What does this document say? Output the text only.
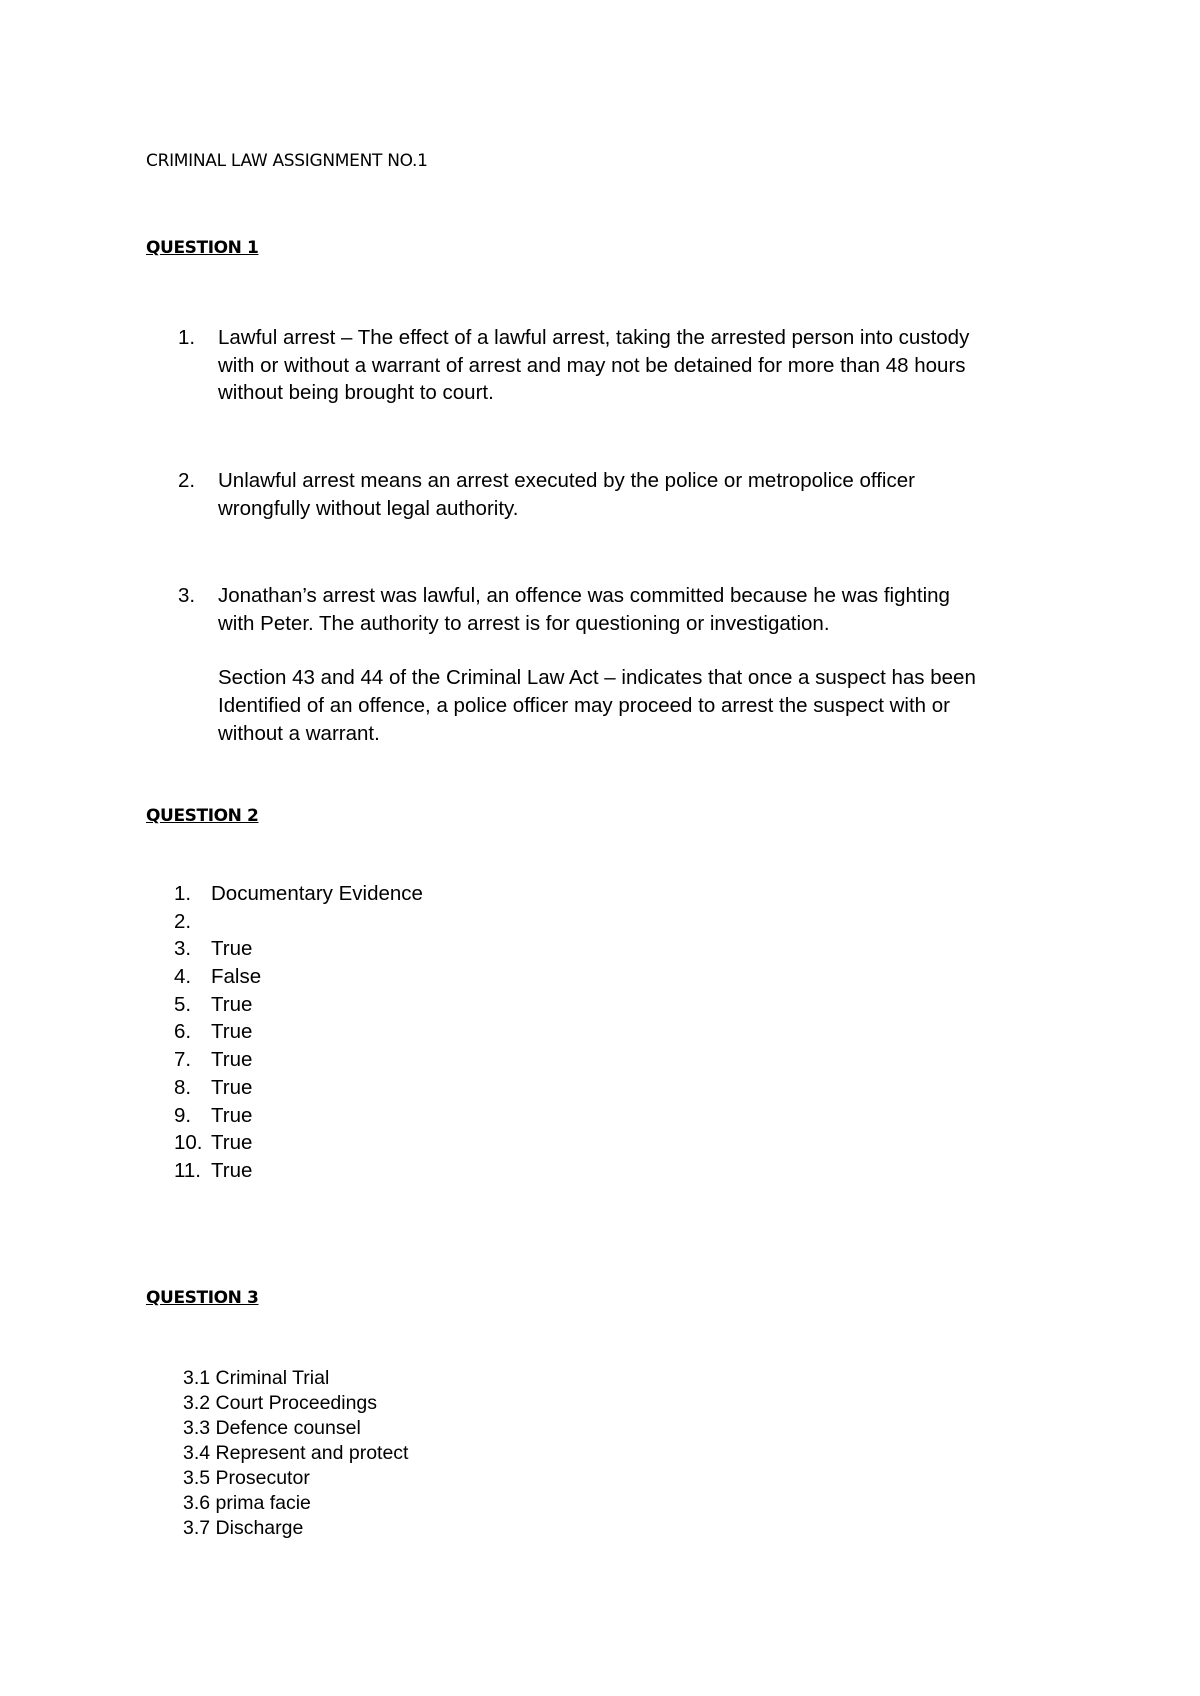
CRIMINAL LAW ASSIGNMENT NO.1
QUESTION 1
1.	Lawful arrest – The effect of a lawful arrest, taking the arrested person into custody
with or without a warrant of arrest and may not be detained for more than 48 hours
without being brought to court.
2.	Unlawful arrest means an arrest executed by the police or metropolice officer
wrongfully without legal authority.
3.	Jonathan’s arrest was lawful, an offence was committed because he was fighting
with Peter. The authority to arrest is for questioning or investigation.
Section 43 and 44 of the Criminal Law Act – indicates that once a suspect has been
Identified of an offence, a police officer may proceed to arrest the suspect with or
without a warrant.
QUESTION 2
1. Documentary Evidence
2.
3. True
4. False
5. True
6. True
7. True
8. True
9. True
10. True
11. True
QUESTION 3
3.1 Criminal Trial
3.2 Court Proceedings
3.3 Defence counsel
3.4 Represent and protect
3.5 Prosecutor
3.6 prima facie
3.7 Discharge
